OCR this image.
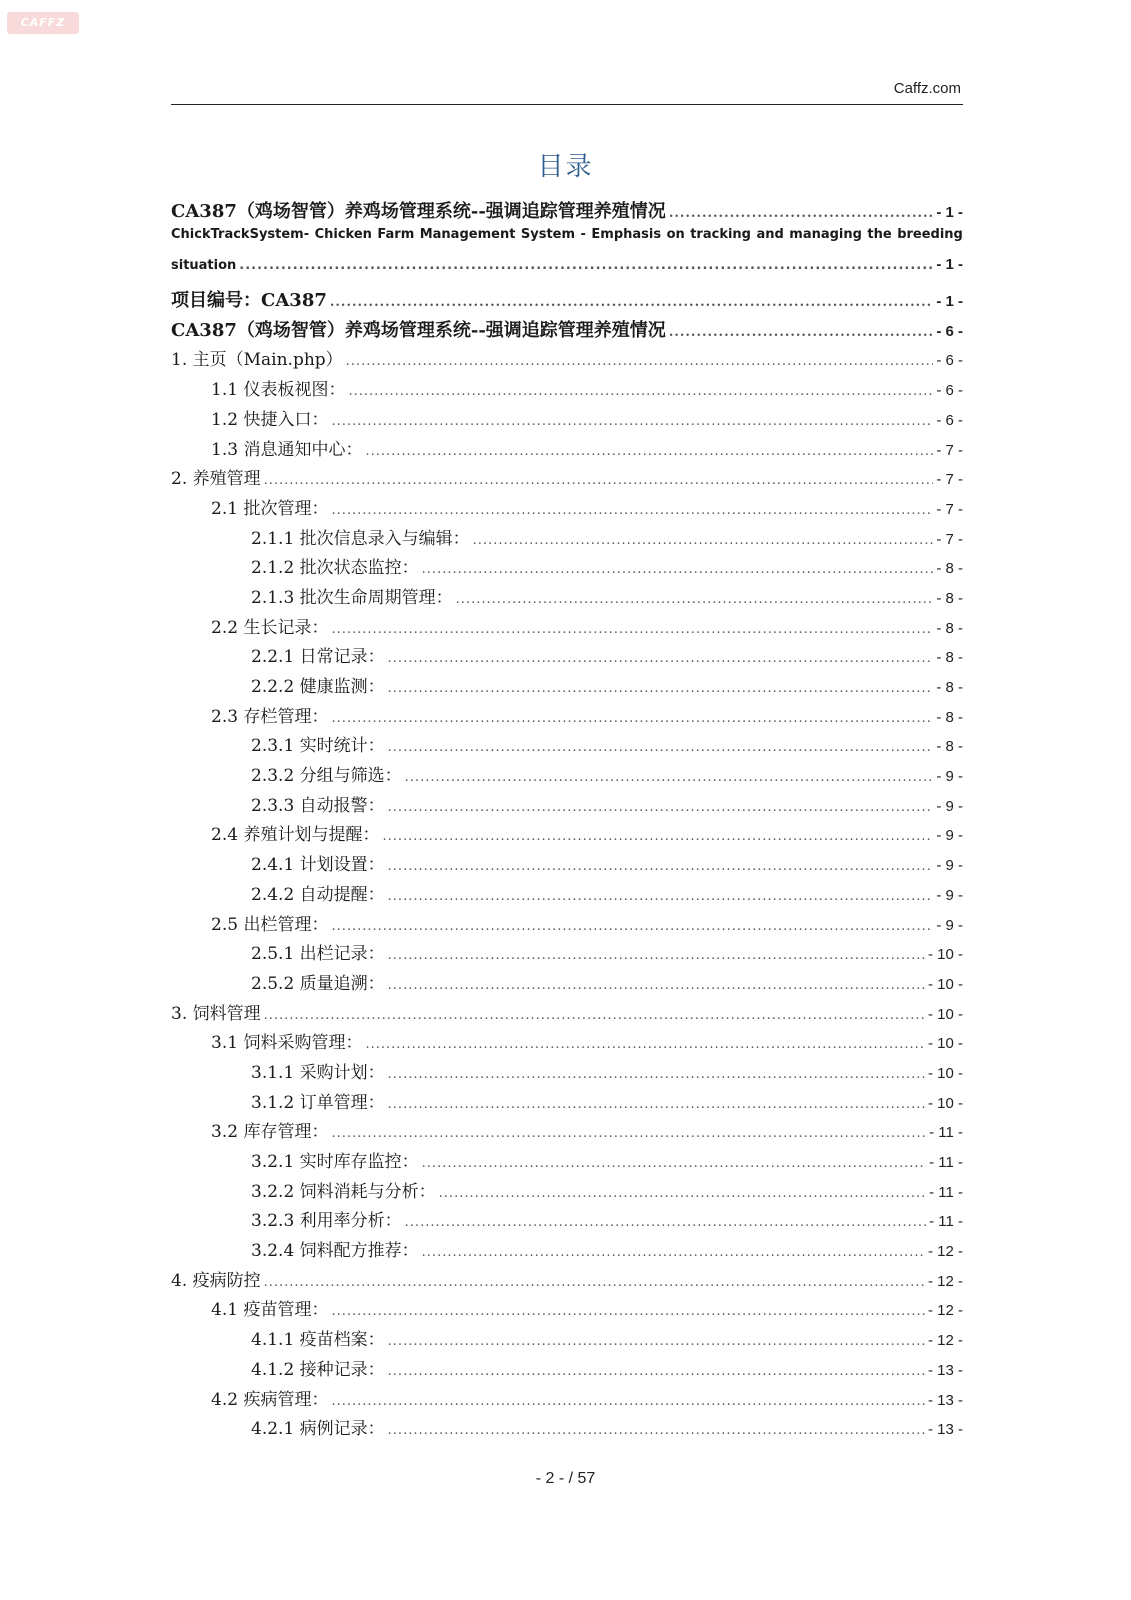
CAFFZ
Caffz.com
目录
CA387（鸡场智管）养鸡场管理系统--强调追踪管理养殖情况 .....	- 1 -
ChickTrackSystem- Chicken Farm Management System - Emphasis on tracking and managing the breeding
situation .....	- 1 -
项目编号：CA387 .....	- 1 -
CA387（鸡场智管）养鸡场管理系统--强调追踪管理养殖情况 .....	- 6 -
1. 主页（Main.php） .....	- 6 -
1.1 仪表板视图： .....	- 6 -
1.2 快捷入口： .....	- 6 -
1.3 消息通知中心： .....	- 7 -
2. 养殖管理 .....	- 7 -
2.1 批次管理： .....	- 7 -
2.1.1 批次信息录入与编辑： .....	- 7 -
2.1.2 批次状态监控： .....	- 8 -
2.1.3 批次生命周期管理： .....	- 8 -
2.2 生长记录： .....	- 8 -
2.2.1 日常记录： .....	- 8 -
2.2.2 健康监测： .....	- 8 -
2.3 存栏管理： .....	- 8 -
2.3.1 实时统计： .....	- 8 -
2.3.2 分组与筛选： .....	- 9 -
2.3.3 自动报警： .....	- 9 -
2.4 养殖计划与提醒： .....	- 9 -
2.4.1 计划设置： .....	- 9 -
2.4.2 自动提醒： .....	- 9 -
2.5 出栏管理： .....	- 9 -
2.5.1 出栏记录： .....	- 10 -
2.5.2 质量追溯： .....	- 10 -
3. 饲料管理 .....	- 10 -
3.1 饲料采购管理： .....	- 10 -
3.1.1 采购计划： .....	- 10 -
3.1.2 订单管理： .....	- 10 -
3.2 库存管理： .....	- 11 -
3.2.1 实时库存监控： .....	- 11 -
3.2.2 饲料消耗与分析： .....	- 11 -
3.2.3 利用率分析： .....	- 11 -
3.2.4 饲料配方推荐： .....	- 12 -
4. 疫病防控 .....	- 12 -
4.1 疫苗管理： .....	- 12 -
4.1.1 疫苗档案： .....	- 12 -
4.1.2 接种记录： .....	- 13 -
4.2 疾病管理： .....	- 13 -
4.2.1 病例记录： .....	- 13 -
- 2 - / 57
